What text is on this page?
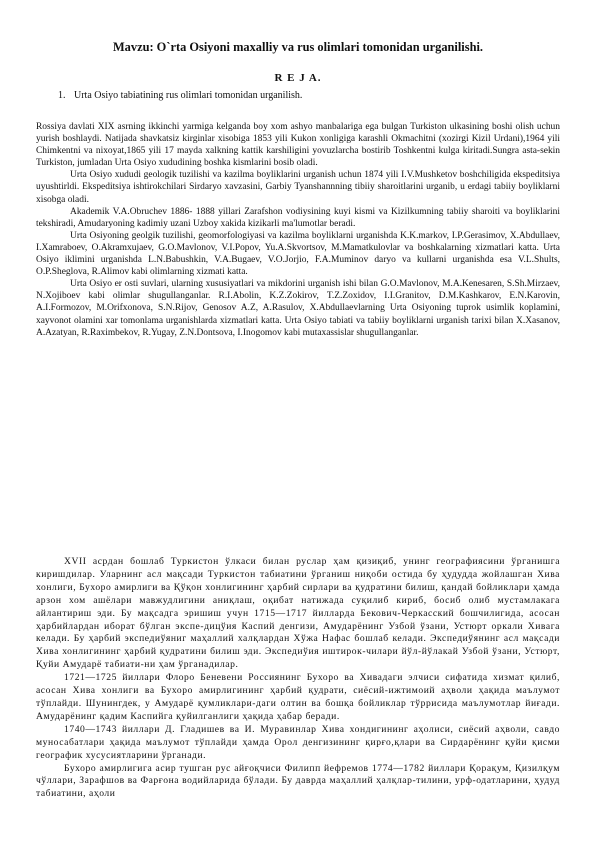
Mavzu: O`rta Osiyoni maxalliy va rus olimlari tomonidan urganilishi.
R E J A.
1. Urta Osiyo tabiatining rus olimlari tomonidan urganilish.

Rossiya davlati XIX asrning ikkinchi yarmiga kelganda boy xom ashyo manbalariga ega bulgan Turkiston ulkasining boshi olish uchun yurish boshlaydi. Natijada shavkatsiz kirginlar xisobiga 1853 yili Kukon xonligiga karashli Okmachitni (xozirgi Kizil Urdani),1964 yili Chimkentni va nixoyat,1865 yili 17 mayda xalkning kattik karshiligini yovuzlarcha bostirib Toshkentni kulga kiritadi.Sungra asta-sekin Turkiston, jumladan Urta Osiyo xududining boshka kismlarini bosib oladi.

Urta Osiyo xududi geologik tuzilishi va kazilma boyliklarini urganish uchun 1874 yili I.V.Mushketov boshchiligida ekspeditsiya uyushtirldi. Ekspeditsiya ishtirokchilari Sirdaryo xavzasini, Garbiy Tyanshannning tibiiy sharoitlarini urganib, u erdagi tabiiy boyliklarni xisobga oladi.

Akademik V.A.Obruchev 1886- 1888 yillari Zarafshon vodiysining kuyi kismi va Kizilkumning tabiiy sharoiti va boyliklarini tekshiradi, Amudaryoning kadimiy uzani Uzboy xakida kizikarli ma'lumotlar beradi.

Urta Osiyoning geolgik tuzilishi, geomorfologiyasi va kazilma boyliklarni urganishda K.K.markov, I.P.Gerasimov, X.Abdullaev, I.Xamraboev, O.Akramxujaev, G.O.Mavlonov, V.I.Popov, Yu.A.Skvortsov, M.Mamatkulovlar va boshkalarning xizmatlari katta. Urta Osiyo iklimini urganishda L.N.Babushkin, V.A.Bugaev, V.O.Jorjio, F.A.Muminov daryo va kullarni urganishda esa V.L.Shults, O.P.Sheglova, R.Alimov kabi olimlarning xizmati katta.

Urta Osiyo er osti suvlari, ularning xususiyatlari va mikdorini urganish ishi bilan G.O.Mavlonov, M.A.Kenesaren, S.Sh.Mirzaev, N.Xojiboev kabi olimlar shugullanganlar. R.I.Abolin, K.Z.Zokirov, T.Z.Zoxidov, I.I.Granitov, D.M.Kashkarov, E.N.Karovin, A.I.Formozov, M.Orifxonova, S.N.Rijov, Genosov A.Z, A.Rasulov, X.Abdullaevlarning Urta Osiyoning tuprok usimlik koplamini, xayvonot olamini xar tomonlama urganishlarda xizmatlari katta. Urta Osiyo tabiati va tabiiy boyliklarni urganish tarixi bilan X.Xasanov, A.Azatyan, R.Raximbekov, R.Yugay, Z.N.Dontsova, I.Inogomov kabi mutaxassislar shugullanganlar.

XVII асрдан бошлаб Туркистон ўлкаси билан руслар ҳам қизиқиб, унинг географиясини ўрганишга киришдилар. Уларнинг асл мақсади Туркистон табиатини ўрганиш ниқоби остида бу ҳудудда жойлашган Хива хонлиги, Бухоро амирлиги ва Қўқон хонлигининг ҳарбий сирлари ва қудратини билиш, қандай бойликлари ҳамда арзон хом ашёлари мавжудлигини аниқлаш, оқибат натижада суқилиб кириб, босиб олиб мустамлакага айлантириш эди. Бу мақсадга эришиш учун 1715—1717 йилларда Бекович-Черкасский бошчилигида, асосан ҳарбийлардан иборат бўлган экспе-дицўия Каспий денгизи, Амударёнинг Узбой ўзани, Устюрт оркали Хивага келади. Бу ҳарбий экспедиўяниг маҳаллий халқлардан Хўжа Нафас бошлаб келади. Экспедиўянинг асл мақсади Хива хонлигининг ҳарбий қудратини билиш эди. Экспедиўия иштирок-чилари йўл-йўлакай Узбой ўзани, Устюрт, Қуйи Амударё табиати-ни ҳам ўрганадилар.

1721—1725 йиллари Флоро Беневени Россиянинг Бухоро ва Хивадаги элчиси сифатида хизмат қилиб, асосан Хива хонлиги ва Бухоро амирлигининг ҳарбий қудрати, сиёсий-ижтимоий аҳволи ҳақида маълумот тўплайди. Шунингдек, у Амударё қумликлари-даги олтин ва бошқа бойликлар тўррисида маълумотлар йиғади. Амударёнинг қадим Каспийга қуйилганлиги ҳақида ҳабар беради.

1740—1743 йиллари Д. Гладишев ва И. Муравинлар Хива хондигининг аҳолиси, сиёсий аҳволи, савдо муносабатлари ҳақида маълумот тўплайди ҳамда Орол денгизининг қирғо,қлари ва Сирдарёнинг қуйи қисми географик хусусиятларини ўрганади.

Бухоро амирлигига асир тушган рус айғоқчиси Филипп йефремов 1774—1782 йиллари Қорақум, Қизилқум чўллари, Зарафшов ва Фарғона водийларида бўлади. Бу даврда маҳаллий ҳалқлар-тилини, урф-одатларини, ҳудуд табиатини, аҳоли
